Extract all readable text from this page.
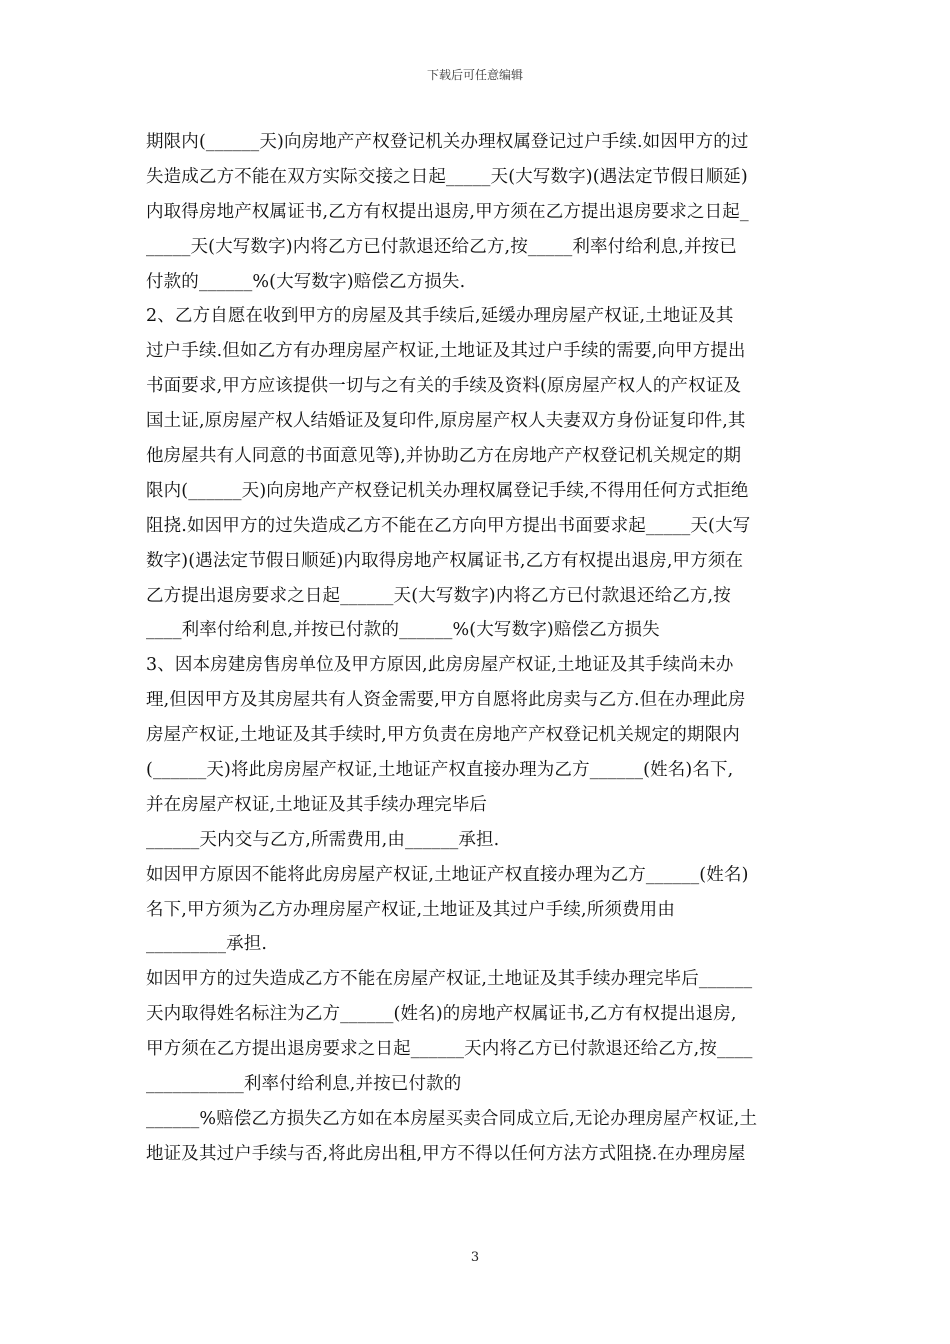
下载后可任意编辑
期限内(______天)向房地产产权登记机关办理权属登记过户手续.如因甲方的过
失造成乙方不能在双方实际交接之日起_____天(大写数字)(遇法定节假日顺延)
内取得房地产权属证书,乙方有权提出退房,甲方须在乙方提出退房要求之日起_
_____天(大写数字)内将乙方已付款退还给乙方,按_____利率付给利息,并按已
付款的______%(大写数字)赔偿乙方损失.
2、乙方自愿在收到甲方的房屋及其手续后,延缓办理房屋产权证,土地证及其
过户手续.但如乙方有办理房屋产权证,土地证及其过户手续的需要,向甲方提出
书面要求,甲方应该提供一切与之有关的手续及资料(原房屋产权人的产权证及
国土证,原房屋产权人结婚证及复印件,原房屋产权人夫妻双方身份证复印件,其
他房屋共有人同意的书面意见等),并协助乙方在房地产产权登记机关规定的期
限内(______天)向房地产产权登记机关办理权属登记手续,不得用任何方式拒绝
阻挠.如因甲方的过失造成乙方不能在乙方向甲方提出书面要求起_____天(大写
数字)(遇法定节假日顺延)内取得房地产权属证书,乙方有权提出退房,甲方须在
乙方提出退房要求之日起______天(大写数字)内将乙方已付款退还给乙方,按
____利率付给利息,并按已付款的______%(大写数字)赔偿乙方损失
3、因本房建房售房单位及甲方原因,此房房屋产权证,土地证及其手续尚未办
理,但因甲方及其房屋共有人资金需要,甲方自愿将此房卖与乙方.但在办理此房
房屋产权证,土地证及其手续时,甲方负责在房地产产权登记机关规定的期限内
(______天)将此房房屋产权证,土地证产权直接办理为乙方______(姓名)名下,
并在房屋产权证,土地证及其手续办理完毕后
______天内交与乙方,所需费用,由______承担.
如因甲方原因不能将此房房屋产权证,土地证产权直接办理为乙方______(姓名)
名下,甲方须为乙方办理房屋产权证,土地证及其过户手续,所须费用由
_________承担.
如因甲方的过失造成乙方不能在房屋产权证,土地证及其手续办理完毕后______
天内取得姓名标注为乙方______(姓名)的房地产权属证书,乙方有权提出退房,
甲方须在乙方提出退房要求之日起______天内将乙方已付款退还给乙方,按____
___________利率付给利息,并按已付款的
______%赔偿乙方损失乙方如在本房屋买卖合同成立后,无论办理房屋产权证,土
地证及其过户手续与否,将此房出租,甲方不得以任何方法方式阻挠.在办理房屋
3
